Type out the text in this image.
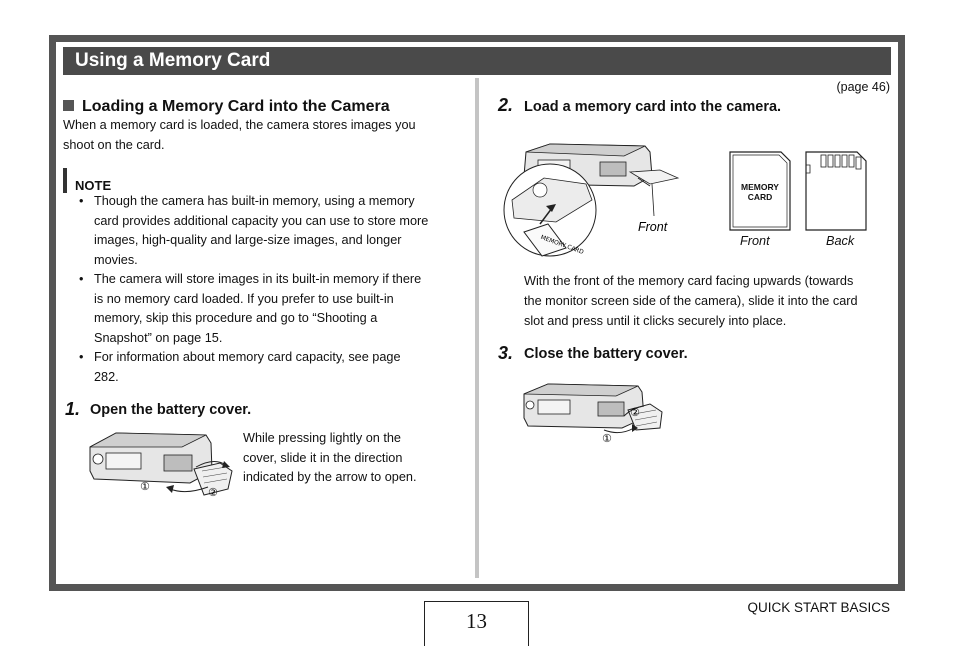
Using a Memory Card
Loading a Memory Card into the Camera
When a memory card is loaded, the camera stores images you
shoot on the card.
NOTE
• Though the camera has built-in memory, using a memory
card provides additional capacity you can use to store more
images, high-quality and large-size images, and longer
movies.
• The camera will store images in its built-in memory if there
is no memory card loaded. If you prefer to use built-in
memory, skip this procedure and go to “Shooting a
Snapshot” on page 15.
• For information about memory card capacity, see page
282.
1. Open the battery cover.
①	②
While pressing lightly on the
cover, slide it in the direction
indicated by the arrow to open.
(page 46)
2. Load a memory card into the camera.
Front
MEMORY CARD
MEMORY
CARD
Front	Back
With the front of the memory card facing upwards (towards
the monitor screen side of the camera), slide it into the card
slot and press until it clicks securely into place.
3. Close the battery cover.
②
①
13
QUICK START BASICS
